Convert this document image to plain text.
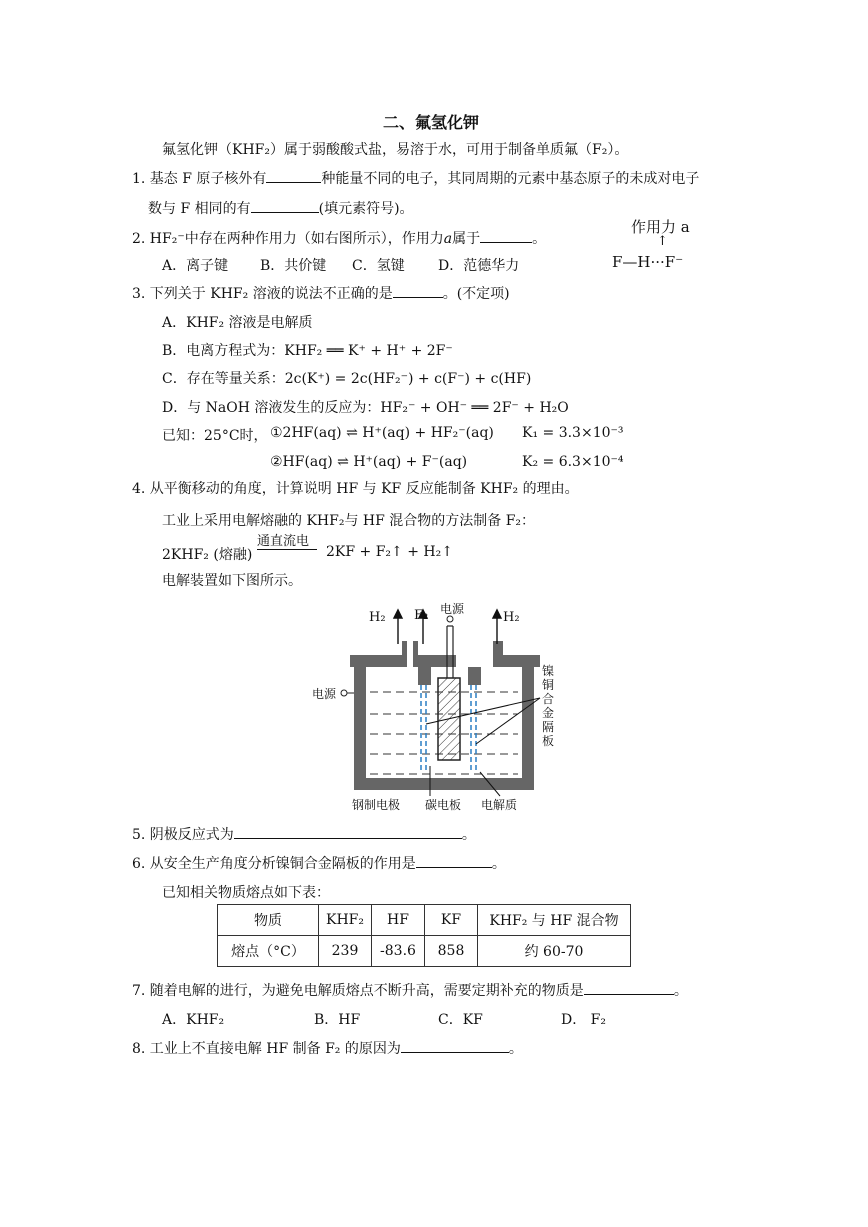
二、氟氢化钾
氟氢化钾（KHF₂）属于弱酸酸式盐，易溶于水，可用于制备单质氟（F₂）。
1. 基态 F 原子核外有	种能量不同的电子，其同周期的元素中基态原子的未成对电子
数与 F 相同的有	(填元素符号)。
2. HF₂⁻中存在两种作用力（如右图所示），作用力a属于	。
A．离子键 B．共价键 C．氢键 D．范德华力
作用力 a
↑
F—H···F⁻
3. 下列关于 KHF₂ 溶液的说法不正确的是	。(不定项)
A．KHF₂ 溶液是电解质
B．电离方程式为：KHF₂ ══ K⁺ + H⁺ + 2F⁻
C．存在等量关系：2c(K⁺) = 2c(HF₂⁻) + c(F⁻) + c(HF)
D．与 NaOH 溶液发生的反应为：HF₂⁻ + OH⁻ ══ 2F⁻ + H₂O
已知：25°C时， ①2HF(aq) ⇌ H⁺(aq) + HF₂⁻(aq) K₁ = 3.3×10⁻³
②HF(aq) ⇌ H⁺(aq) + F⁻(aq)	K₂ = 6.3×10⁻⁴
4. 从平衡移动的角度，计算说明 HF 与 KF 反应能制备 KHF₂ 的理由。
工业上采用电解熔融的 KHF₂与 HF 混合物的方法制备 F₂：
2KHF₂ (熔融)
通直流电
2KF + F₂↑ + H₂↑
电解装置如下图所示。
H₂ F₂ 电源
H₂
电源
镍
铜
合
金
隔
板
钢制电极 碳电板 电解质
5. 阴极反应式为	。
6. 从安全生产角度分析镍铜合金隔板的作用是	。
已知相关物质熔点如下表：
物质	KHF₂	HF	KF	KHF₂ 与 HF 混合物
熔点（°C）	239	-83.6	858	约 60-70
7. 随着电解的进行，为避免电解质熔点不断升高，需要定期补充的物质是	。
A．KHF₂	B．HF	C．KF	D． F₂
8. 工业上不直接电解 HF 制备 F₂ 的原因为	。
